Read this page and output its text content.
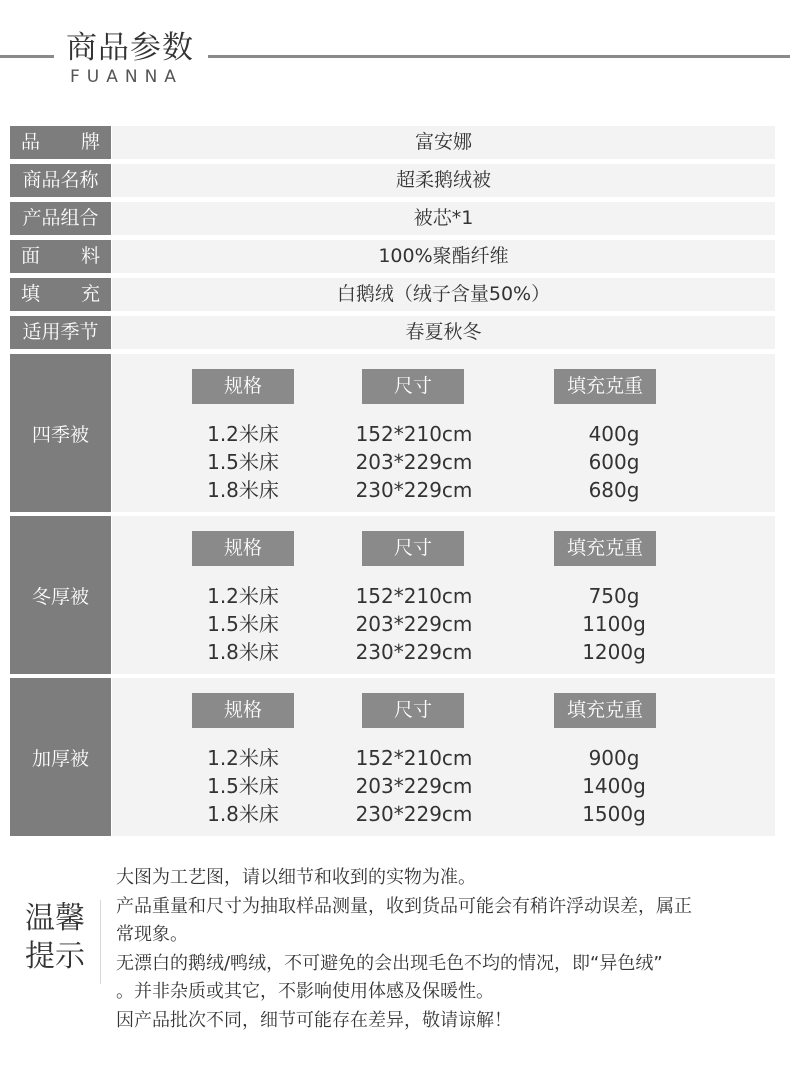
商品参数
FUANNA
品 牌	富安娜
商品名称	超柔鹅绒被
产品组合	被芯*1
面 料	100%聚酯纤维
填 充	白鹅绒（绒子含量50%）
适用季节	春夏秋冬
四季被
规格	尺寸	填充克重
1.2米床	152*210cm	400g
1.5米床	203*229cm	600g
1.8米床	230*229cm	680g
冬厚被
规格	尺寸	填充克重
1.2米床	152*210cm	750g
1.5米床	203*229cm	1100g
1.8米床	230*229cm	1200g
加厚被
规格	尺寸	填充克重
1.2米床	152*210cm	900g
1.5米床	203*229cm	1400g
1.8米床	230*229cm	1500g
温馨
提示
大图为工艺图，请以细节和收到的实物为准。
产品重量和尺寸为抽取样品测量，收到货品可能会有稍许浮动误差，属正
常现象。
无漂白的鹅绒/鸭绒，不可避免的会出现毛色不均的情况，即“异色绒”
。并非杂质或其它，不影响使用体感及保暖性。
因产品批次不同，细节可能存在差异，敬请谅解！
